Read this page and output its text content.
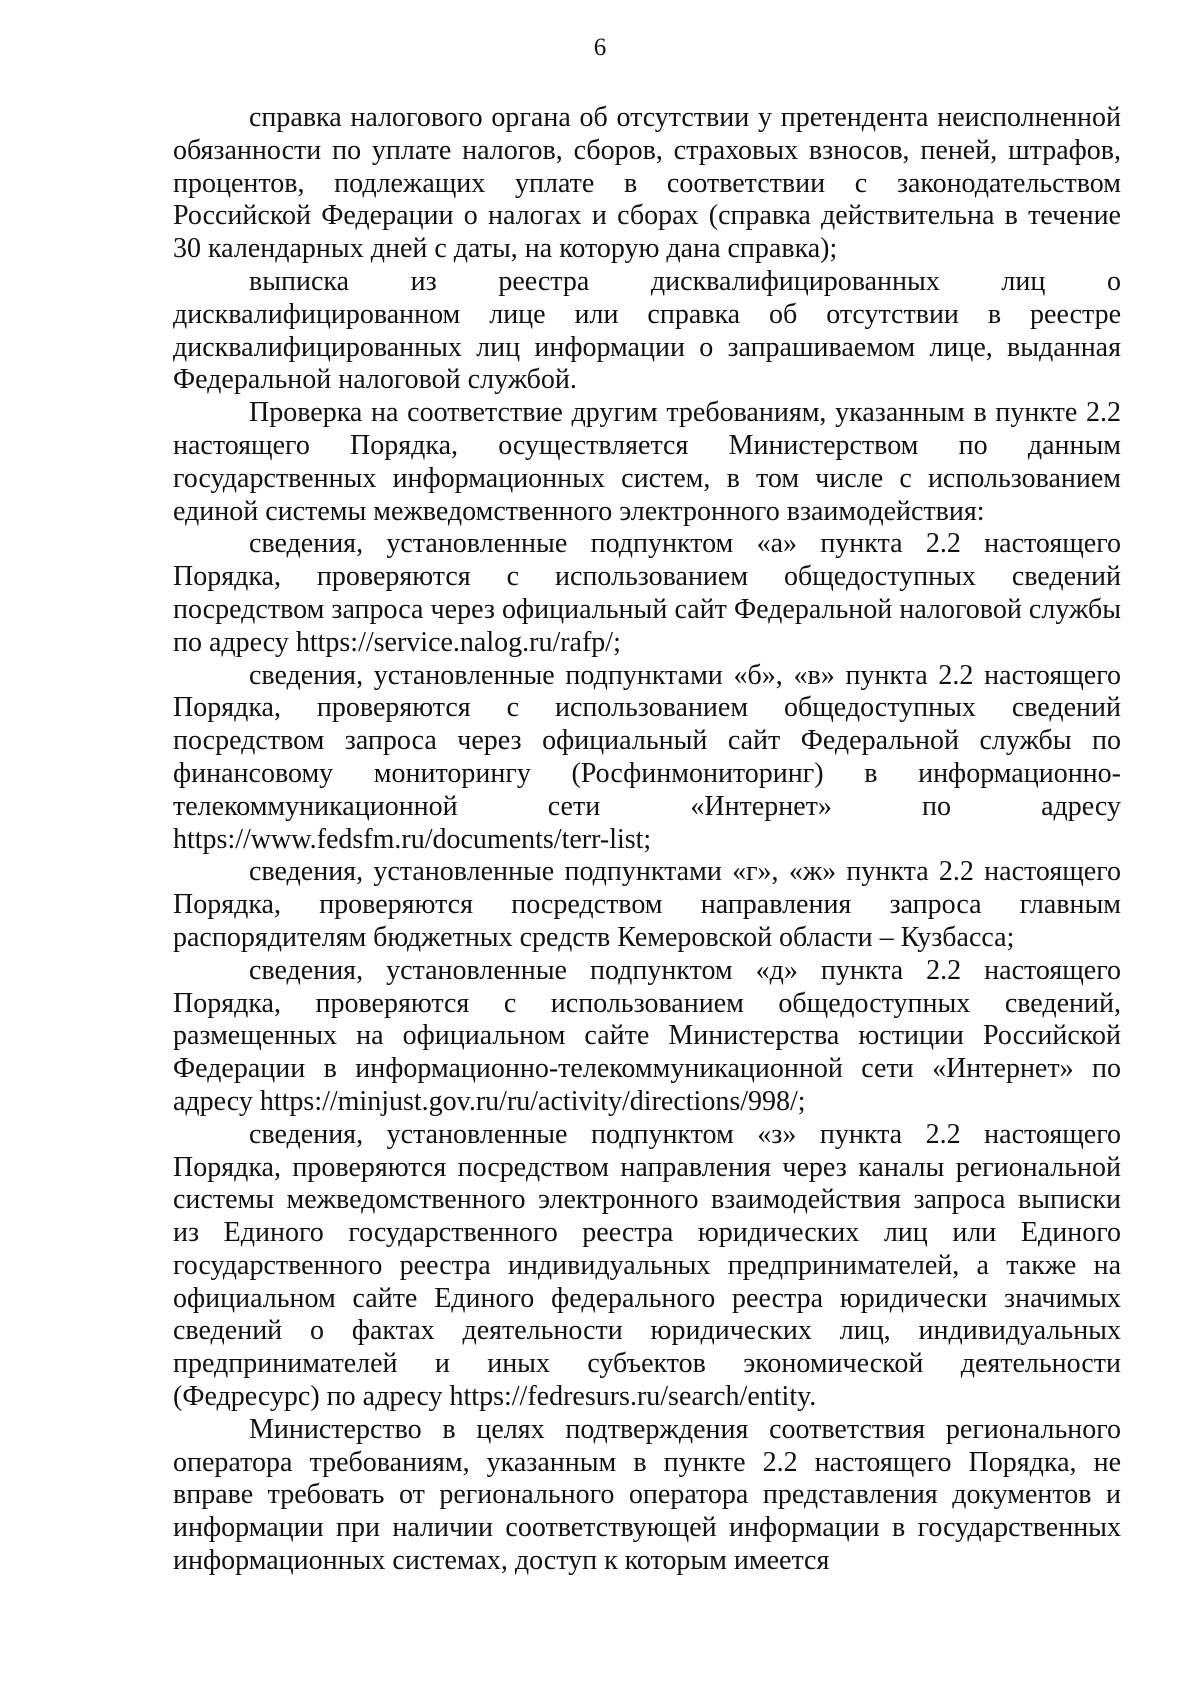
6

справка налогового органа об отсутствии у претендента неисполненной обязанности по уплате налогов, сборов, страховых взносов, пеней, штрафов, процентов, подлежащих уплате в соответствии с законодательством Российской Федерации о налогах и сборах (справка действительна в течение 30 календарных дней с даты, на которую дана справка);

выписка из реестра дисквалифицированных лиц о дисквалифицированном лице или справка об отсутствии в реестре дисквалифицированных лиц информации о запрашиваемом лице, выданная Федеральной налоговой службой.

Проверка на соответствие другим требованиям, указанным в пункте 2.2 настоящего Порядка, осуществляется Министерством по данным государственных информационных систем, в том числе с использованием единой системы межведомственного электронного взаимодействия:

сведения, установленные подпунктом «а» пункта 2.2 настоящего Порядка, проверяются с использованием общедоступных сведений посредством запроса через официальный сайт Федеральной налоговой службы по адресу https://service.nalog.ru/rafp/;

сведения, установленные подпунктами «б», «в» пункта 2.2 настоящего Порядка, проверяются с использованием общедоступных сведений посредством запроса через официальный сайт Федеральной службы по финансовому мониторингу (Росфинмониторинг) в информационно-телекоммуникационной сети «Интернет» по адресу https://www.fedsfm.ru/documents/terr-list;

сведения, установленные подпунктами «г», «ж» пункта 2.2 настоящего Порядка, проверяются посредством направления запроса главным распорядителям бюджетных средств Кемеровской области – Кузбасса;

сведения, установленные подпунктом «д» пункта 2.2 настоящего Порядка, проверяются с использованием общедоступных сведений, размещенных на официальном сайте Министерства юстиции Российской Федерации в информационно-телекоммуникационной сети «Интернет» по адресу https://minjust.gov.ru/ru/activity/directions/998/;

сведения, установленные подпунктом «з» пункта 2.2 настоящего Порядка, проверяются посредством направления через каналы региональной системы межведомственного электронного взаимодействия запроса выписки из Единого государственного реестра юридических лиц или Единого государственного реестра индивидуальных предпринимателей, а также на официальном сайте Единого федерального реестра юридически значимых сведений о фактах деятельности юридических лиц, индивидуальных предпринимателей и иных субъектов экономической деятельности (Федресурс) по адресу https://fedresurs.ru/search/entity.

Министерство в целях подтверждения соответствия регионального оператора требованиям, указанным в пункте 2.2 настоящего Порядка, не вправе требовать от регионального оператора представления документов и информации при наличии соответствующей информации в государственных информационных системах, доступ к которым имеется
